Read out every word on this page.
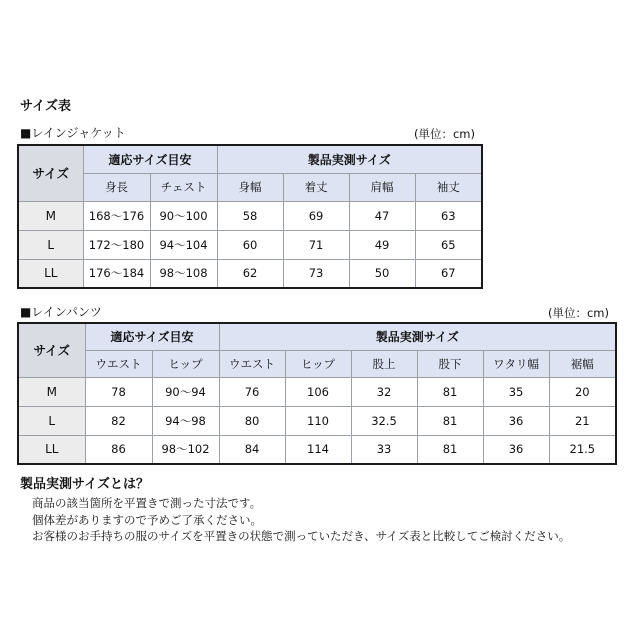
サイズ表
■レインジャケット	(単位：cm)
サイズ	適応サイズ目安		製品実測サイズ			
	身長	チェスト	身幅	着丈	肩幅	袖丈
M	168～176	90～100	58	69	47	63
L	172～180	94～104	60	71	49	65
LL	176～184	98～108	62	73	50	67
■レインパンツ	(単位：cm)
サイズ	適応サイズ目安		製品実測サイズ					
	ウエスト	ヒップ	ウエスト	ヒップ	股上	股下	ワタリ幅	裾幅
M	78	90～94	76	106	32	81	35	20
L	82	94～98	80	110	32.5	81	36	21
LL	86	98～102	84	114	33	81	36	21.5
製品実測サイズとは？
商品の該当箇所を平置きで測った寸法です。
個体差がありますので予めご了承ください。
お客様のお手持ちの服のサイズを平置きの状態で測っていただき、サイズ表と比較してご検討ください。
